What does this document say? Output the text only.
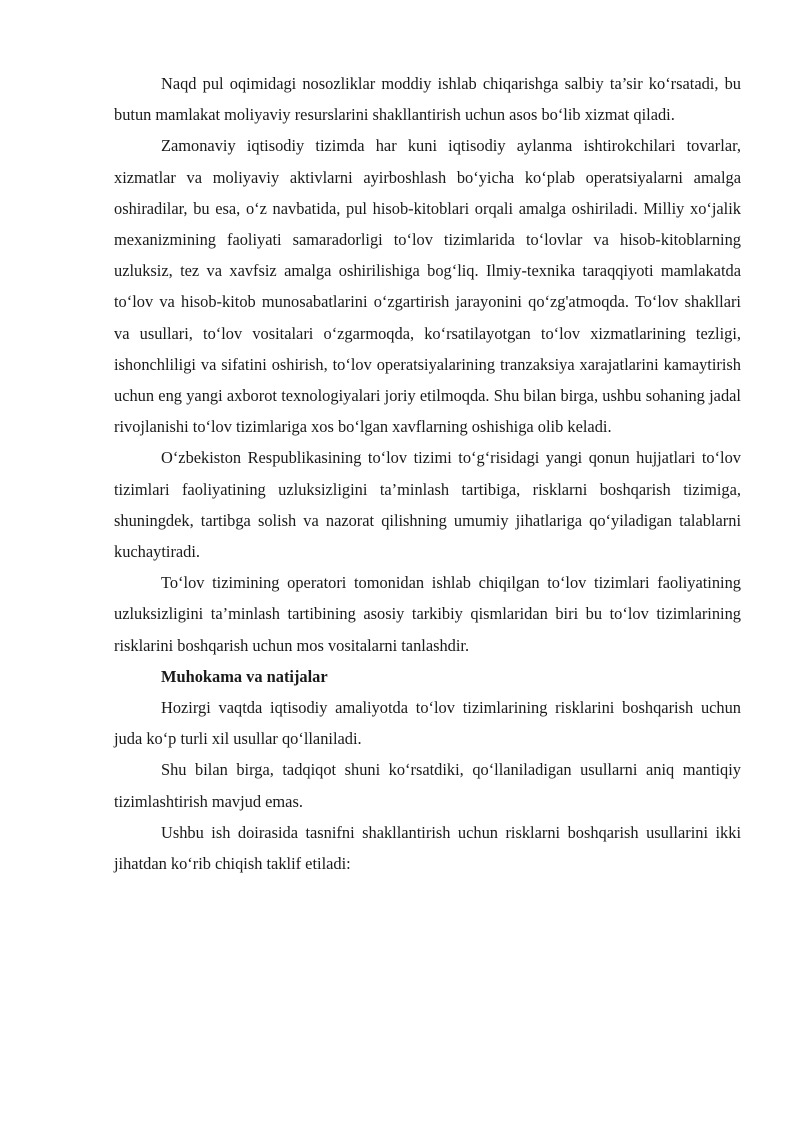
Naqd pul oqimidagi nosozliklar moddiy ishlab chiqarishga salbiy ta’sir ko‘rsatadi, bu butun mamlakat moliyaviy resurslarini shakllantirish uchun asos bo‘lib xizmat qiladi.

Zamonaviy iqtisodiy tizimda har kuni iqtisodiy aylanma ishtirokchilari tovarlar, xizmatlar va moliyaviy aktivlarni ayirboshlash bo‘yicha ko‘plab operatsiyalarni amalga oshiradilar, bu esa, o‘z navbatida, pul hisob-kitoblari orqali amalga oshiriladi. Milliy xo‘jalik mexanizmining faoliyati samaradorligi to‘lov tizimlarida to‘lovlar va hisob-kitoblarning uzluksiz, tez va xavfsiz amalga oshirilishiga bog‘liq. Ilmiy-texnika taraqqiyoti mamlakatda to‘lov va hisob-kitob munosabatlarini o‘zgartirish jarayonini qo‘zg'atmoqda. To‘lov shakllari va usullari, to‘lov vositalari o‘zgarmoqda, ko‘rsatilayotgan to‘lov xizmatlarining tezligi, ishonchliligi va sifatini oshirish, to‘lov operatsiyalarining tranzaksiya xarajatlarini kamaytirish uchun eng yangi axborot texnologiyalari joriy etilmoqda. Shu bilan birga, ushbu sohaning jadal rivojlanishi to‘lov tizimlariga xos bo‘lgan xavflarning oshishiga olib keladi.

O‘zbekiston Respublikasining to‘lov tizimi to‘g‘risidagi yangi qonun hujjatlari to‘lov tizimlari faoliyatining uzluksizligini ta’minlash tartibiga, risklarni boshqarish tizimiga, shuningdek, tartibga solish va nazorat qilishning umumiy jihatlariga qo‘yiladigan talablarni kuchaytiradi.

To‘lov tizimining operatori tomonidan ishlab chiqilgan to‘lov tizimlari faoliyatining uzluksizligini ta’minlash tartibining asosiy tarkibiy qismlaridan biri bu to‘lov tizimlarining risklarini boshqarish uchun mos vositalarni tanlashdir.

Muhokama va natijalar

Hozirgi vaqtda iqtisodiy amaliyotda to‘lov tizimlarining risklarini boshqarish uchun juda ko‘p turli xil usullar qo‘llaniladi.

Shu bilan birga, tadqiqot shuni ko‘rsatdiki, qo‘llaniladigan usullarni aniq mantiqiy tizimlashtirish mavjud emas.

Ushbu ish doirasida tasnifni shakllantirish uchun risklarni boshqarish usullarini ikki jihatdan ko‘rib chiqish taklif etiladi:
